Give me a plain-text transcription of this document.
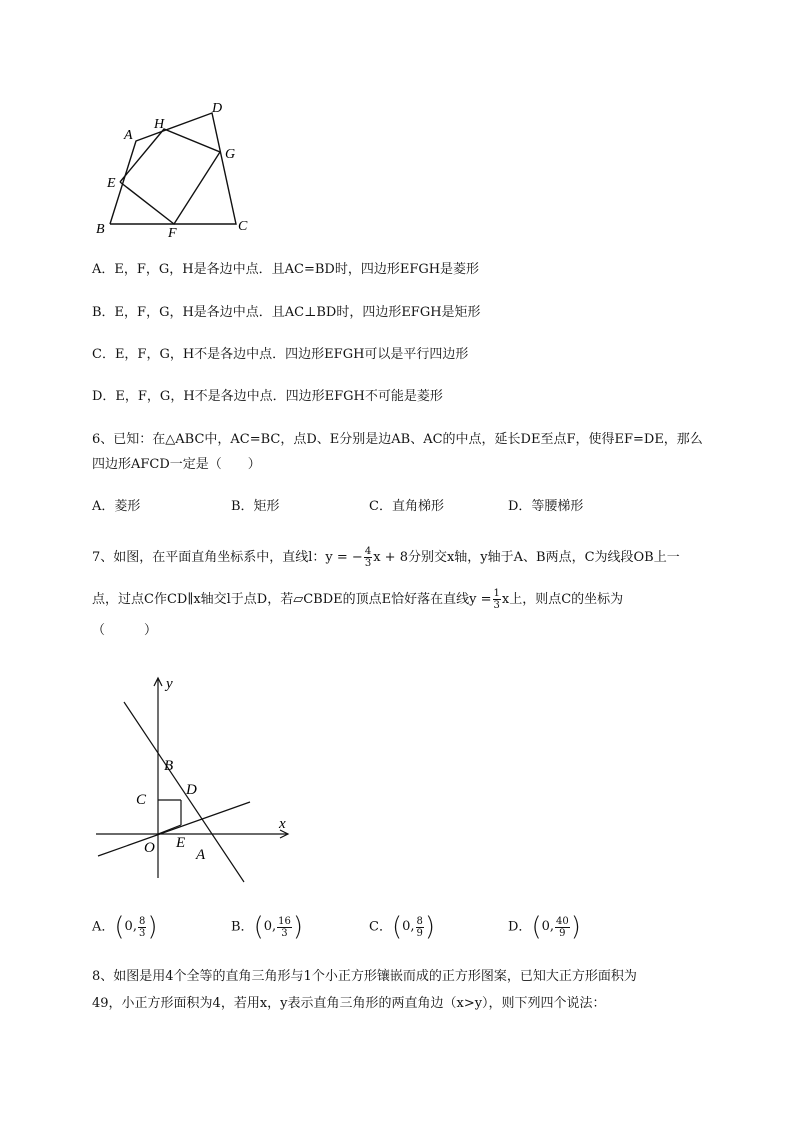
A
B	C
D
E
F
G
H
A．E，F，G，H是各边中点．且AC=BD时，四边形EFGH是菱形
B．E，F，G，H是各边中点．且AC⊥BD时，四边形EFGH是矩形
C．E，F，G，H不是各边中点．四边形EFGH可以是平行四边形
D．E，F，G，H不是各边中点．四边形EFGH不可能是菱形
6、已知：在△ABC中，AC=BC，点D、E分别是边AB、AC的中点，延长DE至点F，使得EF=DE，那么
四边形AFCD一定是（　　）
A．菱形	B．矩形	C．直角梯形	D．等腰梯形
7、如图，在平面直角坐标系中，直线l：y = − $\frac{4}{3}$ x + 8分别交x轴，y轴于A、B两点，C为线段OB上一
点，过点C作CD∥x轴交l于点D，若▱CBDE的顶点E恰好落在直线$y = \frac{1}{3}$ x上，则点C的坐标为
（　　　）
y
x
B
C
D
O E
A
A．(0, $\frac{8}{3}$ )	B．(0, $\frac{16}{3}$ )	C．(0, $\frac{8}{9}$ )	D．(0, $\frac{40}{9}$ )
8、如图是用4个全等的直角三角形与1个小正方形镶嵌而成的正方形图案，已知大正方形面积为
49，小正方形面积为4，若用x，y表示直角三角形的两直角边（x>y），则下列四个说法：
